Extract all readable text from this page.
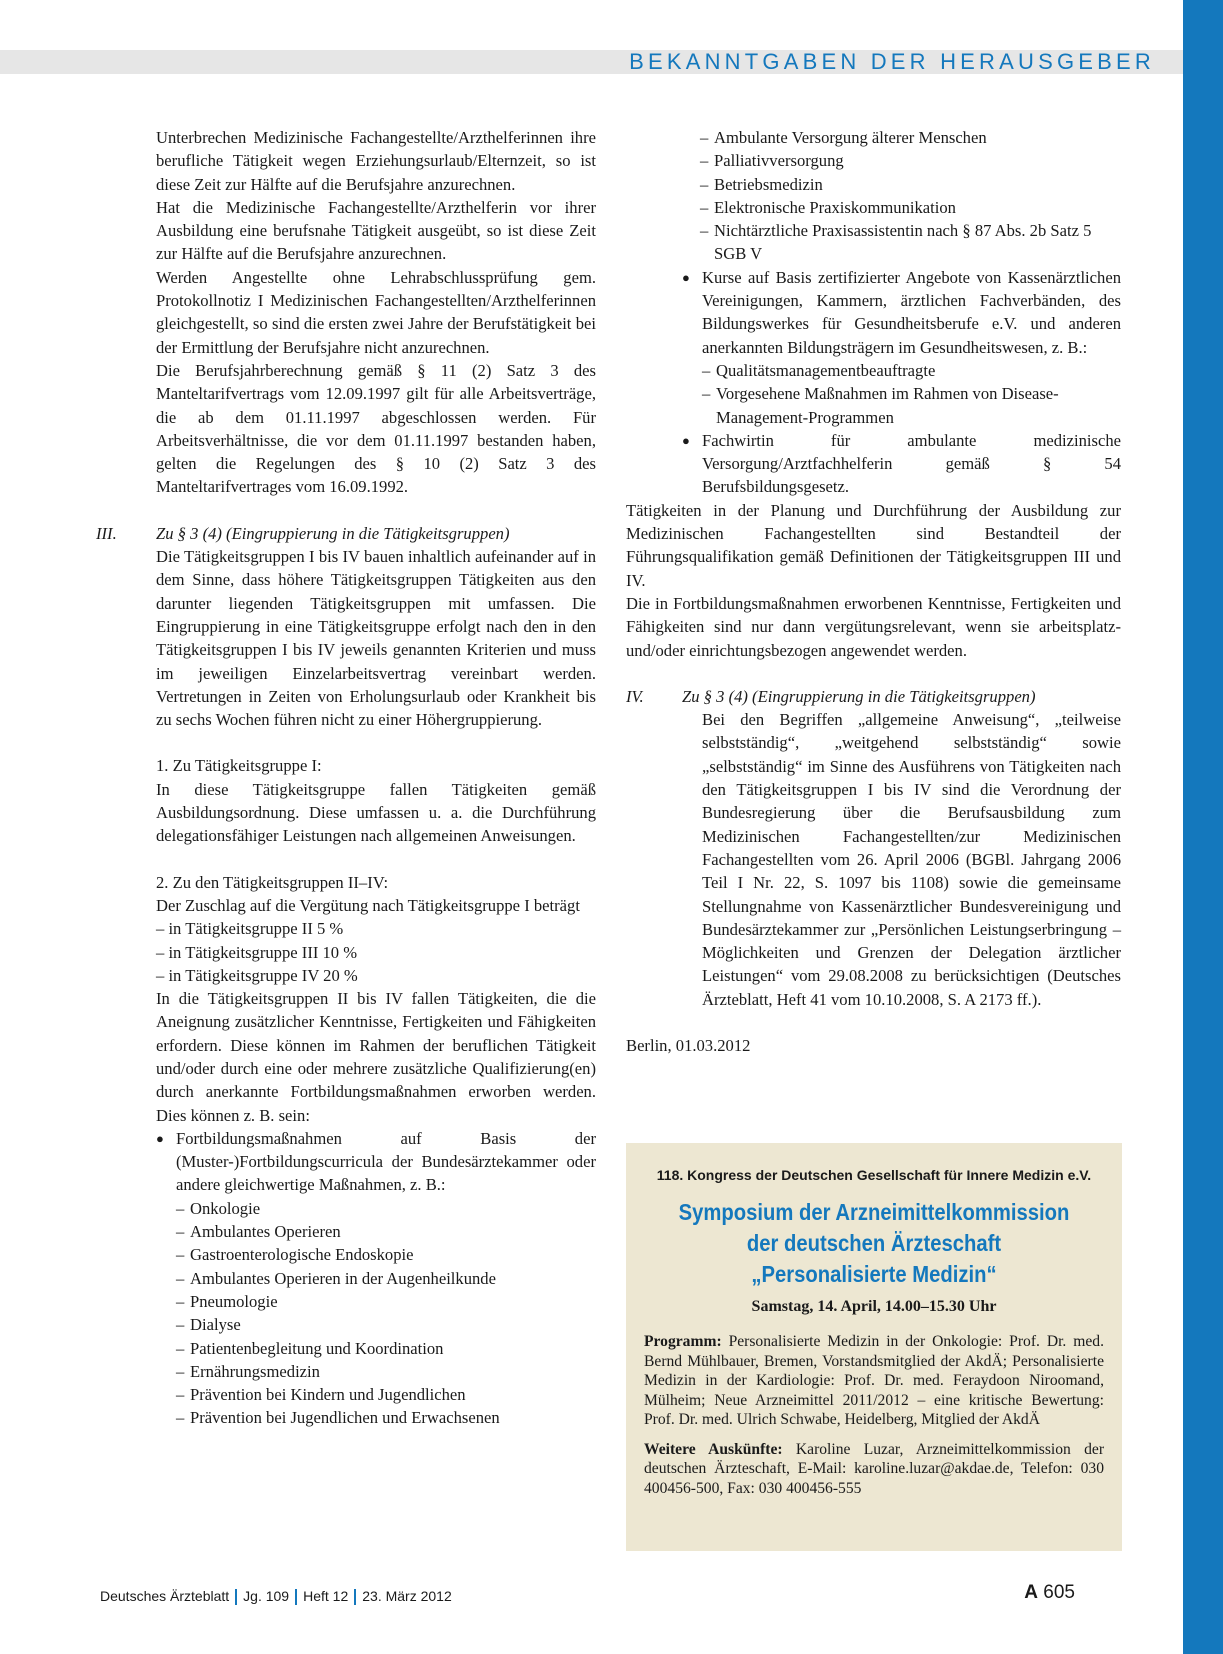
BEKANNTGABEN DER HERAUSGEBER

Unterbrechen Medizinische Fachangestellte/Arzthelferinnen ihre berufliche Tätigkeit wegen Erziehungsurlaub/Elternzeit, so ist diese Zeit zur Hälfte auf die Berufsjahre anzurechnen.

Hat die Medizinische Fachangestellte/Arzthelferin vor ihrer Ausbildung eine berufsnahe Tätigkeit ausgeübt, so ist diese Zeit zur Hälfte auf die Berufsjahre anzurechnen.

Werden Angestellte ohne Lehrabschlussprüfung gem. Protokollnotiz I Medizinischen Fachangestellten/Arzthelferinnen gleichgestellt, so sind die ersten zwei Jahre der Berufstätigkeit bei der Ermittlung der Berufsjahre nicht anzurechnen.

Die Berufsjahrberechnung gemäß § 11 (2) Satz 3 des Manteltarifvertrags vom 12.09.1997 gilt für alle Arbeitsverträge, die ab dem 01.11.1997 abgeschlossen werden. Für Arbeitsverhältnisse, die vor dem 01.11.1997 bestanden haben, gelten die Regelungen des § 10 (2) Satz 3 des Manteltarifvertrages vom 16.09.1992.

III. Zu § 3 (4) (Eingruppierung in die Tätigkeitsgruppen)

Die Tätigkeitsgruppen I bis IV bauen inhaltlich aufeinander auf in dem Sinne, dass höhere Tätigkeitsgruppen Tätigkeiten aus den darunter liegenden Tätigkeitsgruppen mit umfassen. Die Eingruppierung in eine Tätigkeitsgruppe erfolgt nach den in den Tätigkeitsgruppen I bis IV jeweils genannten Kriterien und muss im jeweiligen Einzelarbeitsvertrag vereinbart werden. Vertretungen in Zeiten von Erholungsurlaub oder Krankheit bis zu sechs Wochen führen nicht zu einer Höhergruppierung.

1. Zu Tätigkeitsgruppe I:

In diese Tätigkeitsgruppe fallen Tätigkeiten gemäß Ausbildungsordnung. Diese umfassen u. a. die Durchführung delegationsfähiger Leistungen nach allgemeinen Anweisungen.

2. Zu den Tätigkeitsgruppen II–IV:

Der Zuschlag auf die Vergütung nach Tätigkeitsgruppe I beträgt

– in Tätigkeitsgruppe II 5 %

– in Tätigkeitsgruppe III 10 %

– in Tätigkeitsgruppe IV 20 %

In die Tätigkeitsgruppen II bis IV fallen Tätigkeiten, die die Aneignung zusätzlicher Kenntnisse, Fertigkeiten und Fähigkeiten erfordern. Diese können im Rahmen der beruflichen Tätigkeit und/oder durch eine oder mehrere zusätzliche Qualifizierung(en) durch anerkannte Fortbildungsmaßnahmen erworben werden. Dies können z. B. sein:

● Fortbildungsmaßnahmen auf Basis der (Muster-)Fortbildungscurricula der Bundesärztekammer oder andere gleichwertige Maßnahmen, z. B.:
– Onkologie
– Ambulantes Operieren
– Gastroenterologische Endoskopie
– Ambulantes Operieren in der Augenheilkunde
– Pneumologie
– Dialyse
– Patientenbegleitung und Koordination
– Ernährungsmedizin
– Prävention bei Kindern und Jugendlichen
– Prävention bei Jugendlichen und Erwachsenen
– Ambulante Versorgung älterer Menschen
– Palliativversorgung
– Betriebsmedizin
– Elektronische Praxiskommunikation
– Nichtärztliche Praxisassistentin nach § 87 Abs. 2b Satz 5 SGB V
● Kurse auf Basis zertifizierter Angebote von Kassenärztlichen Vereinigungen, Kammern, ärztlichen Fachverbänden, des Bildungswerkes für Gesundheitsberufe e.V. und anderen anerkannten Bildungsträgern im Gesundheitswesen, z. B.:
– Qualitätsmanagementbeauftragte
– Vorgesehene Maßnahmen im Rahmen von Disease-Management-Programmen
● Fachwirtin für ambulante medizinische Versorgung/Arztfachhelferin gemäß § 54 Berufsbildungsgesetz.

Tätigkeiten in der Planung und Durchführung der Ausbildung zur Medizinischen Fachangestellten sind Bestandteil der Führungsqualifikation gemäß Definitionen der Tätigkeitsgruppen III und IV.

Die in Fortbildungsmaßnahmen erworbenen Kenntnisse, Fertigkeiten und Fähigkeiten sind nur dann vergütungsrelevant, wenn sie arbeitsplatz- und/oder einrichtungsbezogen angewendet werden.

IV. Zu § 3 (4) (Eingruppierung in die Tätigkeitsgruppen)

Bei den Begriffen „allgemeine Anweisung“, „teilweise selbstständig“, „weitgehend selbstständig“ sowie „selbstständig“ im Sinne des Ausführens von Tätigkeiten nach den Tätigkeitsgruppen I bis IV sind die Verordnung der Bundesregierung über die Berufsausbildung zum Medizinischen Fachangestellten/zur Medizinischen Fachangestellten vom 26. April 2006 (BGBl. Jahrgang 2006 Teil I Nr. 22, S. 1097 bis 1108) sowie die gemeinsame Stellungnahme von Kassenärztlicher Bundesvereinigung und Bundesärztekammer zur „Persönlichen Leistungserbringung – Möglichkeiten und Grenzen der Delegation ärztlicher Leistungen“ vom 29.08.2008 zu berücksichtigen (Deutsches Ärzteblatt, Heft 41 vom 10.10.2008, S. A 2173 ff.).

Berlin, 01.03.2012

118. Kongress der Deutschen Gesellschaft für Innere Medizin e.V.
Symposium der Arzneimittelkommission
der deutschen Ärzteschaft
„Personalisierte Medizin“
Samstag, 14. April, 14.00–15.30 Uhr
Programm: Personalisierte Medizin in der Onkologie: Prof. Dr. med. Bernd Mühlbauer, Bremen, Vorstandsmitglied der AkdÄ; Personalisierte Medizin in der Kardiologie: Prof. Dr. med. Feraydoon Niroomand, Mülheim; Neue Arzneimittel 2011/2012 – eine kritische Bewertung: Prof. Dr. med. Ulrich Schwabe, Heidelberg, Mitglied der AkdÄ
Weitere Auskünfte: Karoline Luzar, Arzneimittelkommission der deutschen Ärzteschaft, E-Mail: karoline.luzar@akdae.de, Telefon: 030 400456-500, Fax: 030 400456-555
Deutsches Ärzteblatt Jg. 109 Heft 12 23. März 2012	A 605
